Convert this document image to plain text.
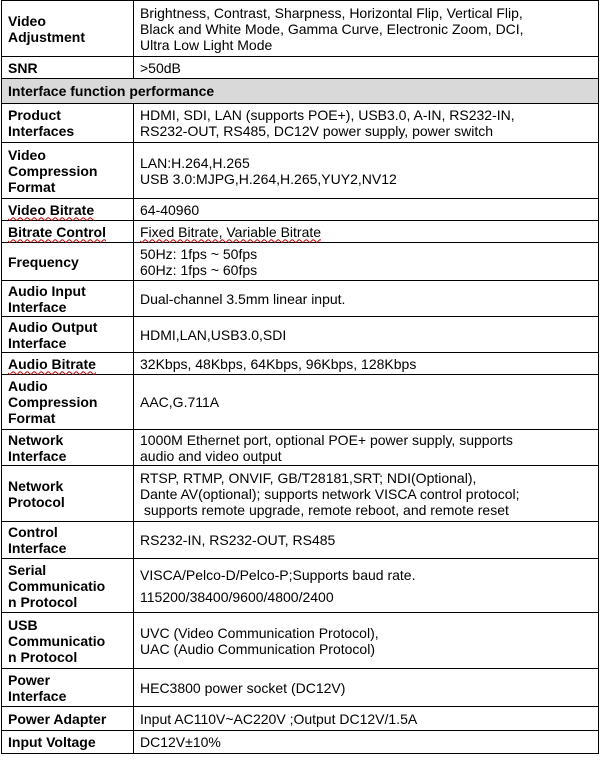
Video
Adjustment	Brightness, Contrast, Sharpness, Horizontal Flip, Vertical Flip,
Black and White Mode, Gamma Curve, Electronic Zoom, DCI,
Ultra Low Light Mode

SNR	>50dB
Interface function performance	

Product
Interfaces	HDMI, SDI, LAN (supports POE+), USB3.0, A-IN, RS232-IN,
RS232-OUT, RS485, DC12V power supply, power switch

Video
Compression
Format	LAN:H.264,H.265
USB 3.0:MJPG,H.264,H.265,YUY2,NV12

Video Bitrate	64-40960
Bitrate Control	Fixed Bitrate, Variable Bitrate
Frequency	50Hz: 1fps ~ 50fps
60Hz: 1fps ~ 60fps

Audio Input
Interface	Dual-channel 3.5mm linear input.

Audio Output
Interface	HDMI,LAN,USB3.0,SDI
Audio Bitrate	32Kbps, 48Kbps, 64Kbps, 96Kbps, 128Kbps

Audio
Compression
Format	AAC,G.711A

Network
Interface	1000M Ethernet port, optional POE+ power supply, supports
audio and video output

Network
Protocol	RTSP, RTMP, ONVIF, GB/T28181,SRT; NDI(Optional),
Dante AV(optional); supports network VISCA control protocol;
supports remote upgrade, remote reboot, and remote reset

Control
Interface	RS232-IN, RS232-OUT, RS485

Serial
Communicatio
n Protocol	VISCA/Pelco-D/Pelco-P;Supports baud rate.
115200/38400/9600/4800/2400

USB
Communicatio
n Protocol	UVC (Video Communication Protocol),
UAC (Audio Communication Protocol)

Power
Interface	HEC3800 power socket (DC12V)
Power Adapter	Input AC110V~AC220V ;Output DC12V/1.5A
Input Voltage	DC12V±10%
